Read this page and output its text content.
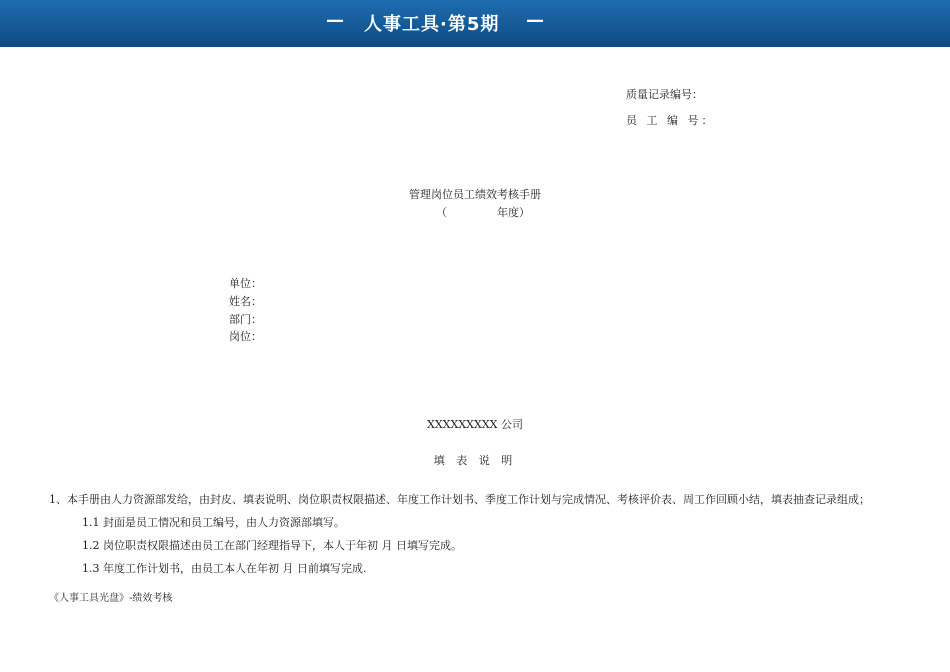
— 人事工具·第5期 —
质量记录编号：
员 工 编 号：
管理岗位员工绩效考核手册
（	年度）
单位：
姓名：
部门：
岗位：
XXXXXXXXX 公司
填 表 说 明
1、本手册由人力资源部发给，由封皮、填表说明、岗位职责权限描述、年度工作计划书、季度工作计划与完成情况、考核评价表、周工作回顾小结，填表抽查记录组成；
1.1 封面是员工情况和员工编号，由人力资源部填写。
1.2 岗位职责权限描述由员工在部门经理指导下，本人于年初 月 日填写完成。
1.3 年度工作计划书，由员工本人在年初 月 日前填写完成.
《人事工具光盘》-绩效考核
